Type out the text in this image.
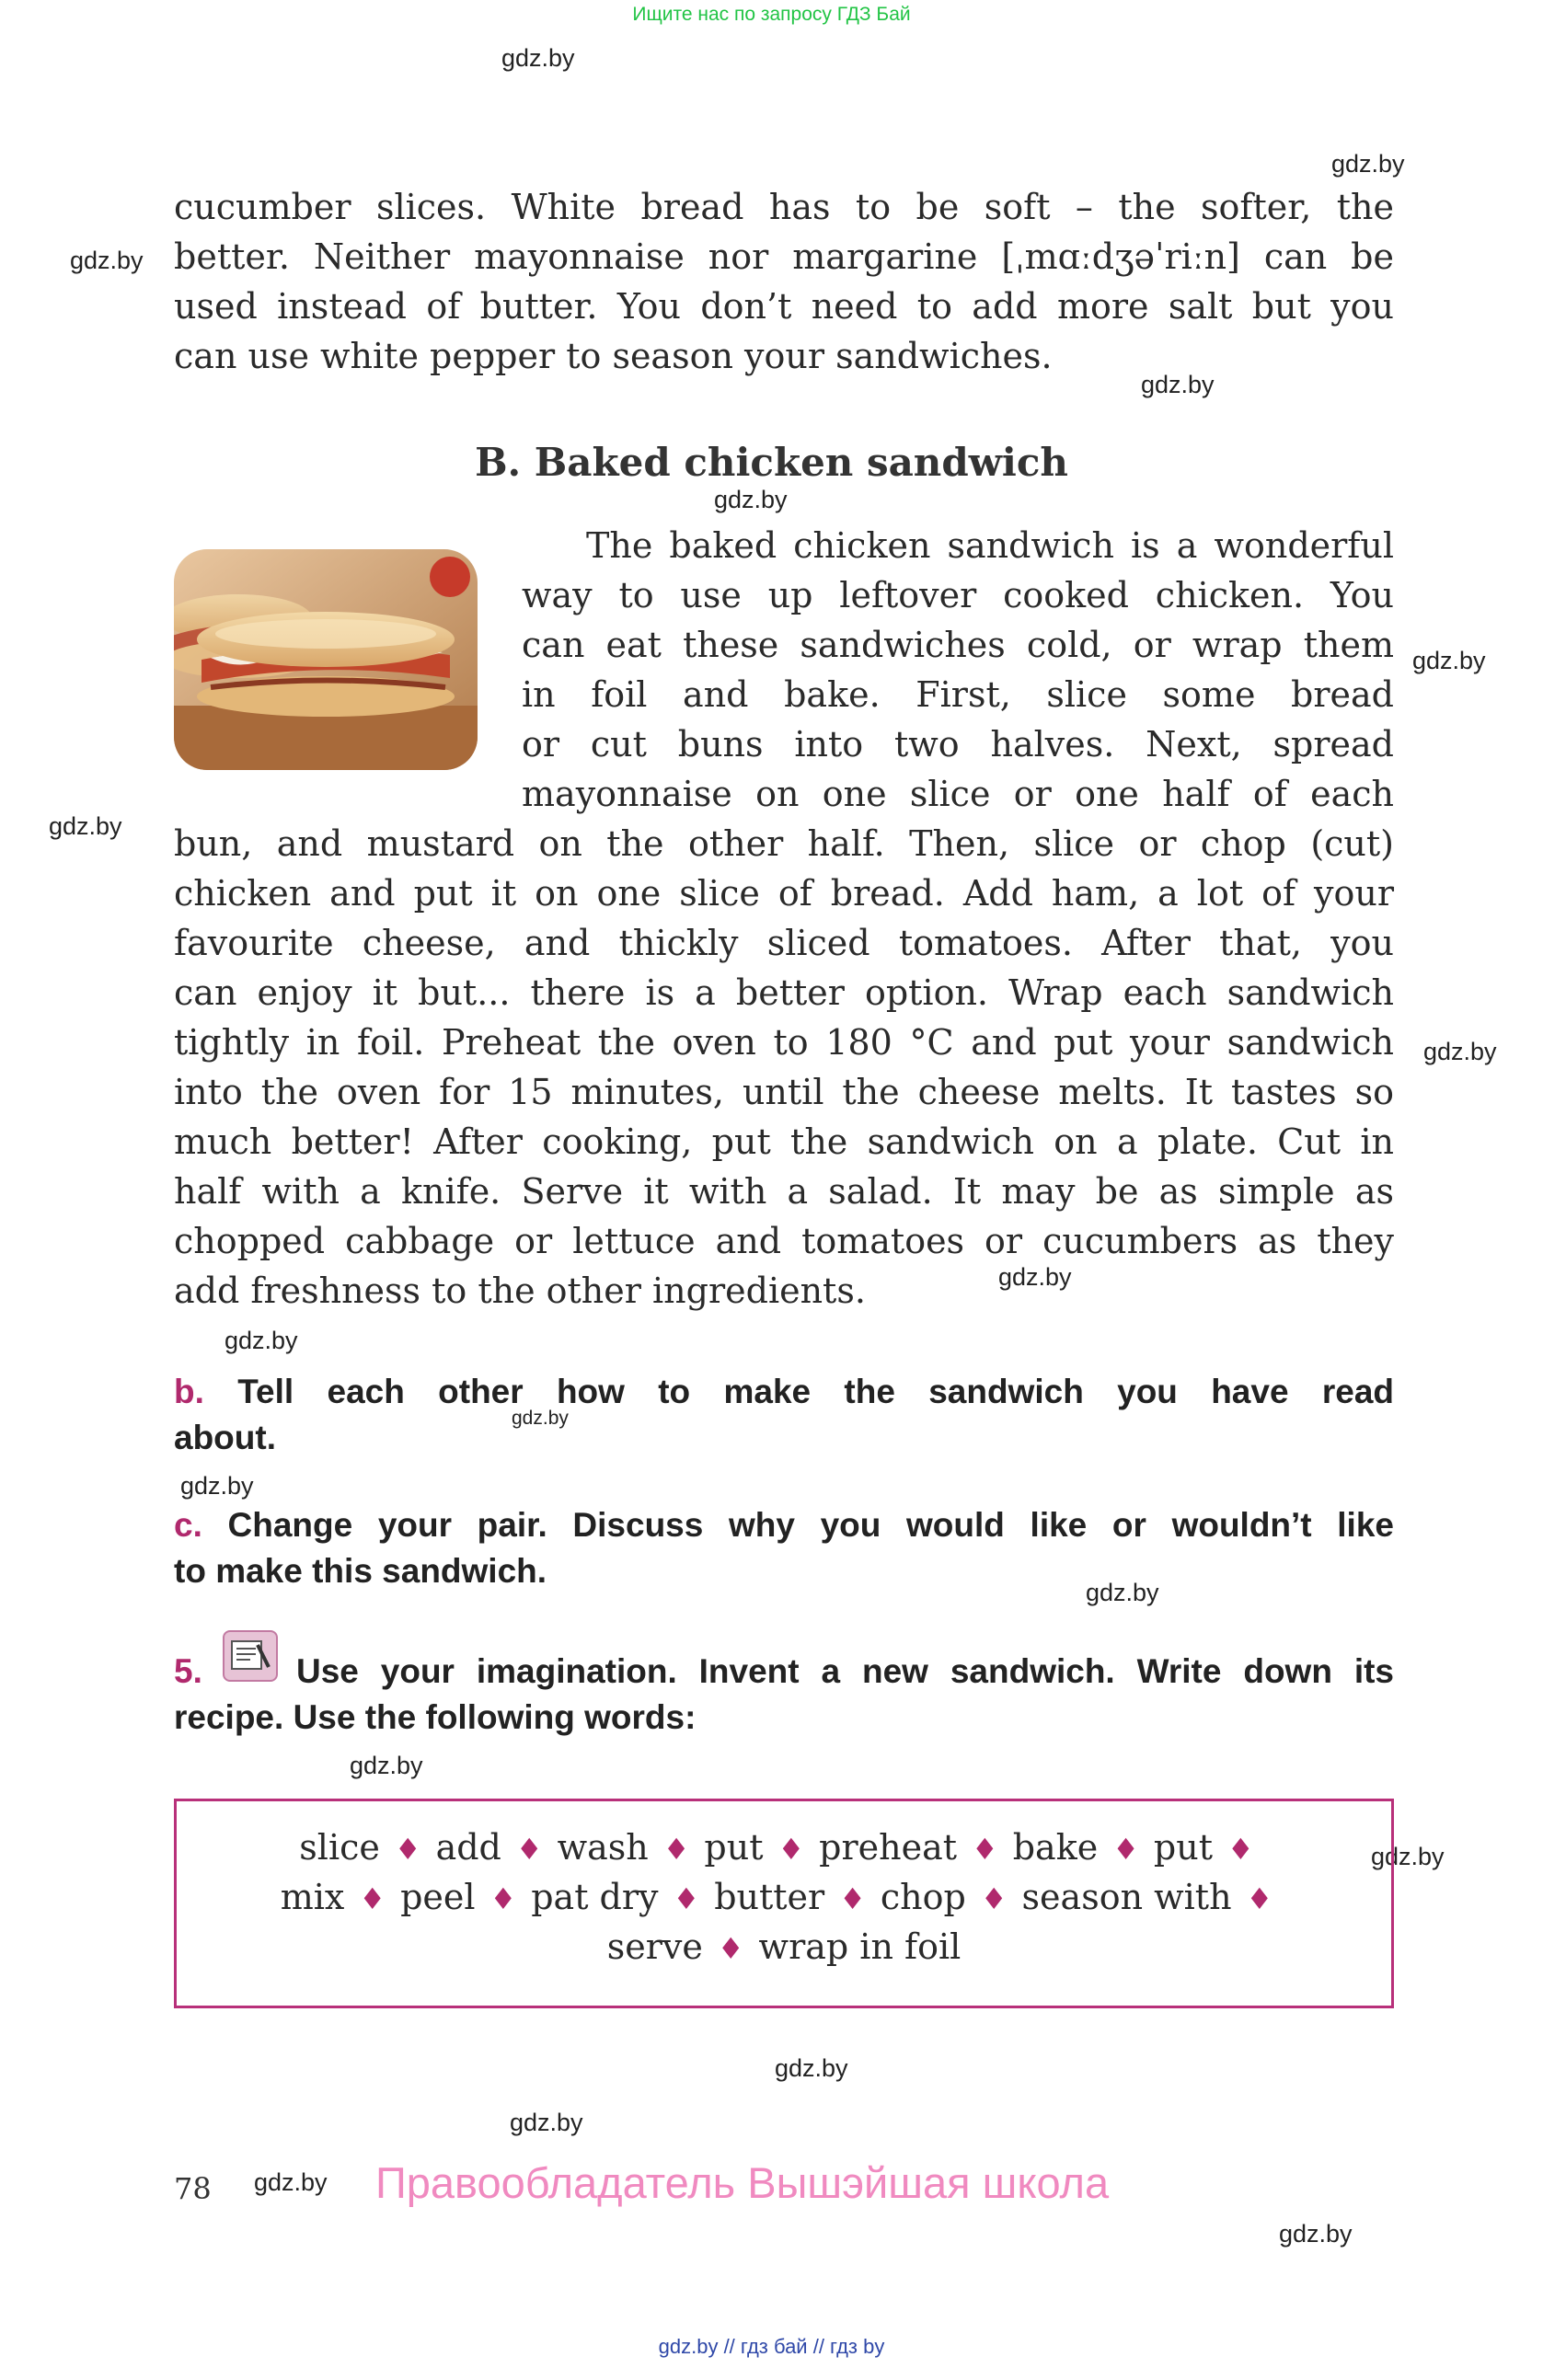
Ищите нас по запросу ГДЗ Бай
gdz.by
gdz.by
gdz.by
gdz.by
gdz.by
gdz.by
gdz.by
gdz.by
gdz.by
gdz.by
gdz.by
gdz.by
gdz.by
gdz.by
gdz.by
gdz.by
gdz.by
gdz.by
gdz.by
cucumber slices. White bread has to be soft – the softer, the
better. Neither mayonnaise nor margarine [ˌmɑːdʒəˈriːn] can be
used instead of butter. You don’t need to add more salt but you
can use white pepper to season your sandwiches.
B. Baked chicken sandwich
The baked chicken sandwich is a wonderful
way to use up leftover cooked chicken. You
can eat these sandwiches cold, or wrap them
in foil and bake. First, slice some bread
or cut buns into two halves. Next, spread
mayonnaise on one slice or one half of each
bun, and mustard on the other half. Then, slice or chop (cut)
chicken and put it on one slice of bread. Add ham, a lot of your
favourite cheese, and thickly sliced tomatoes. After that, you
can enjoy it but... there is a better option. Wrap each sandwich
tightly in foil. Preheat the oven to 180 °C and put your sandwich
into the oven for 15 minutes, until the cheese melts. It tastes so
much better! After cooking, put the sandwich on a plate. Cut in
half with a knife. Serve it with a salad. It may be as simple as
chopped cabbage or lettuce and tomatoes or cucumbers as they
add freshness to the other ingredients.
b. Tell each other how to make the sandwich you have read
about.
c. Change your pair. Discuss why you would like or wouldn’t like
to make this sandwich.
5.	Use your imagination. Invent a new sandwich. Write down its
recipe. Use the following words:
slice ♦ add ♦ wash ♦ put ♦ preheat ♦ bake ♦ put ♦
mix ♦ peel ♦ pat dry ♦ butter ♦ chop ♦ season with ♦
serve ♦ wrap in foil
78	Правообладатель Вышэйшая школа
gdz.by // гдз бай // гдз by
